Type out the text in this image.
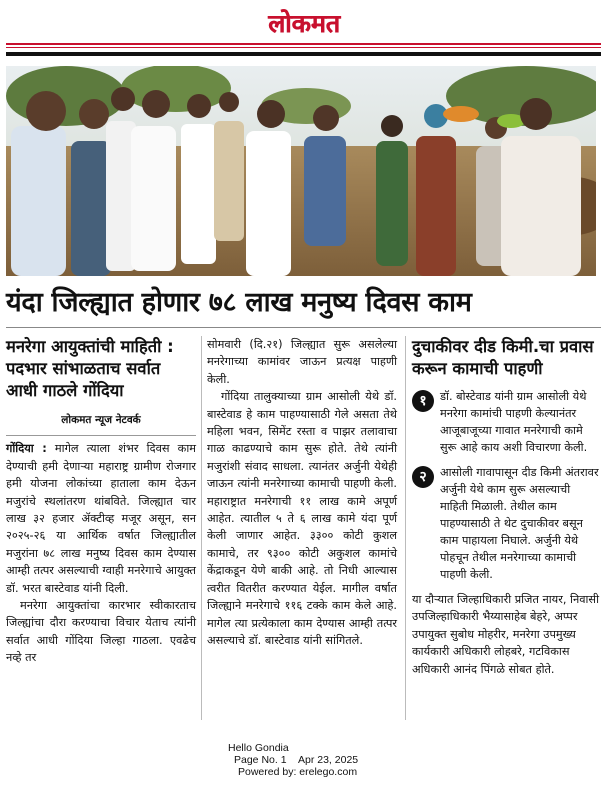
लोकमत
यंदा जिल्ह्यात होणार ७८ लाख मनुष्य दिवस काम
मनरेगा आयुक्तांची माहिती : पदभार सांभाळताच सर्वात आधी गाठले गोंदिया
लोकमत न्यूज नेटवर्क

गोंदिया : मागेल त्याला शंभर दिवस काम देण्याची हमी देणाऱ्या महाराष्ट्र ग्रामीण रोजगार हमी योजना लोकांच्या हाताला काम देऊन मजुरांचे स्थलांतरण थांबविते. जिल्ह्यात चार लाख ३२ हजार ॲक्टीव्ह मजूर असून, सन २०२५-२६ या आर्थिक वर्षात जिल्ह्यातील मजुरांना ७८ लाख मनुष्य दिवस काम देण्यास आम्ही तत्पर असल्याची ग्वाही मनरेगाचे आयुक्त डॉ. भरत बास्टेवाड यांनी दिली.

मनरेगा आयुक्तांचा कारभार स्वीकारताच जिल्ह्यांचा दौरा करण्याचा विचार येताच त्यांनी सर्वात आधी गोंदिया जिल्हा गाठला. एवढेच नव्हे तर

सोमवारी (दि.२१) जिल्ह्यात सुरू असलेल्या मनरेगाच्या कामांवर जाऊन प्रत्यक्ष पाहणी केली.

गोंदिया तालुक्याच्या ग्राम आसोली येथे डॉ. बास्टेवाड हे काम पाहण्यासाठी गेले असता तेथे महिला भवन, सिमेंट रस्ता व पाझर तलावाचा गाळ काढण्याचे काम सुरू होते. तेथे त्यांनी मजुरांशी संवाद साधला. त्यानंतर अर्जुनी येथेही जाऊन त्यांनी मनरेगाच्या कामाची पाहणी केली. महाराष्ट्रात मनरेगाची ११ लाख कामे अपूर्ण आहेत. त्यातील ५ ते ६ लाख कामे यंदा पूर्ण केली जाणार आहेत. ३३०० कोटी कुशल कामाचे, तर ९३०० कोटी अकुशल कामांचे केंद्राकडून येणे बाकी आहे. तो निधी आल्यास त्वरीत वितरीत करण्यात येईल. मागील वर्षात जिल्ह्याने मनरेगाचे ११६ टक्के काम केले आहे. मागेल त्या प्रत्येकाला काम देण्यास आम्ही तत्पर असल्याचे डॉ. बास्टेवाड यांनी सांगितले.

दुचाकीवर दीड किमी.चा प्रवास करून कामाची पाहणी
१	डॉ. बोस्टेवाड यांनी ग्राम आसोली येथे मनरेगा कामांची पाहणी केल्यानंतर आजूबाजूच्या गावात मनरेगाची कामे सुरू आहे काय अशी विचारणा केली.
२	आसोली गावापासून दीड किमी अंतरावर अर्जुनी येथे काम सुरू असल्याची माहिती मिळाली. तेथील काम पाहण्यासाठी ते थेट दुचाकीवर बसून काम पाहायला निघाले. अर्जुनी येथे पोहचून तेथील मनरेगाच्या कामाची पाहणी केली.

या दौऱ्यात जिल्हाधिकारी प्रजित नायर, निवासी उपजिल्हाधिकारी भैय्यासाहेब बेहरे, अप्पर उपायुक्त सुबोध मोहरीर, मनरेगा उपमुख्य कार्यकारी अधिकारी लोहबरे, गटविकास अधिकारी आनंद पिंगळे सोबत होते.

Hello Gondia
Page No. 1 Apr 23, 2025
Powered by: erelego.com
